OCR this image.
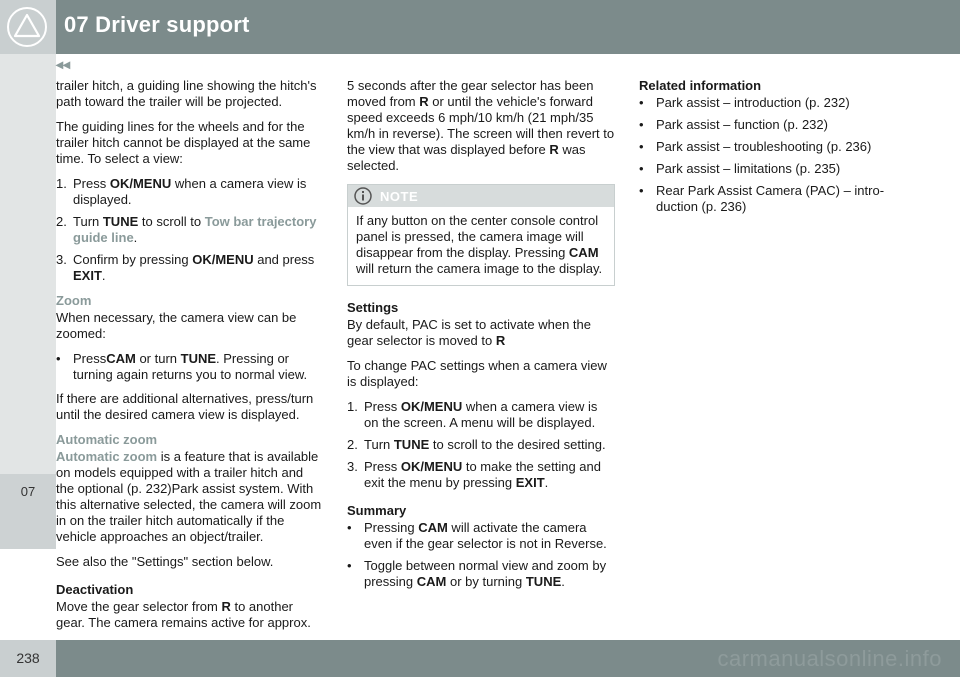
07 Driver support
07
◂◂

trailer hitch, a guiding line showing the hitch's path toward the trailer will be projected.

The guiding lines for the wheels and for the trailer hitch cannot be displayed at the same time. To select a view:

1. Press OK/MENU when a camera view is displayed.
2. Turn TUNE to scroll to Tow bar trajectory guide line.
3. Confirm by pressing OK/MENU and press EXIT.
Zoom

When necessary, the camera view can be zoomed:

• PressCAM or turn TUNE. Pressing or turning again returns you to normal view.

If there are additional alternatives, press/turn until the desired camera view is displayed.

Automatic zoom

Automatic zoom is a feature that is available on models equipped with a trailer hitch and the optional (p. 232)Park assist system. With this alternative selected, the camera will zoom in on the trailer hitch automatically if the vehicle approaches an object/trailer.

See also the "Settings" section below.

Deactivation

Move the gear selector from R to another gear. The camera remains active for approx.

5 seconds after the gear selector has been moved from R or until the vehicle's forward speed exceeds 6 mph/10 km/h (21 mph/35 km/h in reverse). The screen will then revert to the view that was displayed before R was selected.

NOTE
If any button on the center console control panel is pressed, the camera image will disappear from the display. Pressing CAM will return the camera image to the display.
Settings

By default, PAC is set to activate when the gear selector is moved to R

To change PAC settings when a camera view is displayed:

1. Press OK/MENU when a camera view is on the screen. A menu will be displayed.
2. Turn TUNE to scroll to the desired setting.
3. Press OK/MENU to make the setting and exit the menu by pressing EXIT.
Summary
• Pressing CAM will activate the camera even if the gear selector is not in Reverse.
• Toggle between normal view and zoom by pressing CAM or by turning TUNE.
Related information
• Park assist – introduction (p. 232)
• Park assist – function (p. 232)
• Park assist – troubleshooting (p. 236)
• Park assist – limitations (p. 235)
• Rear Park Assist Camera (PAC) – introduction (p. 236)
238	carmanualsonline.info
